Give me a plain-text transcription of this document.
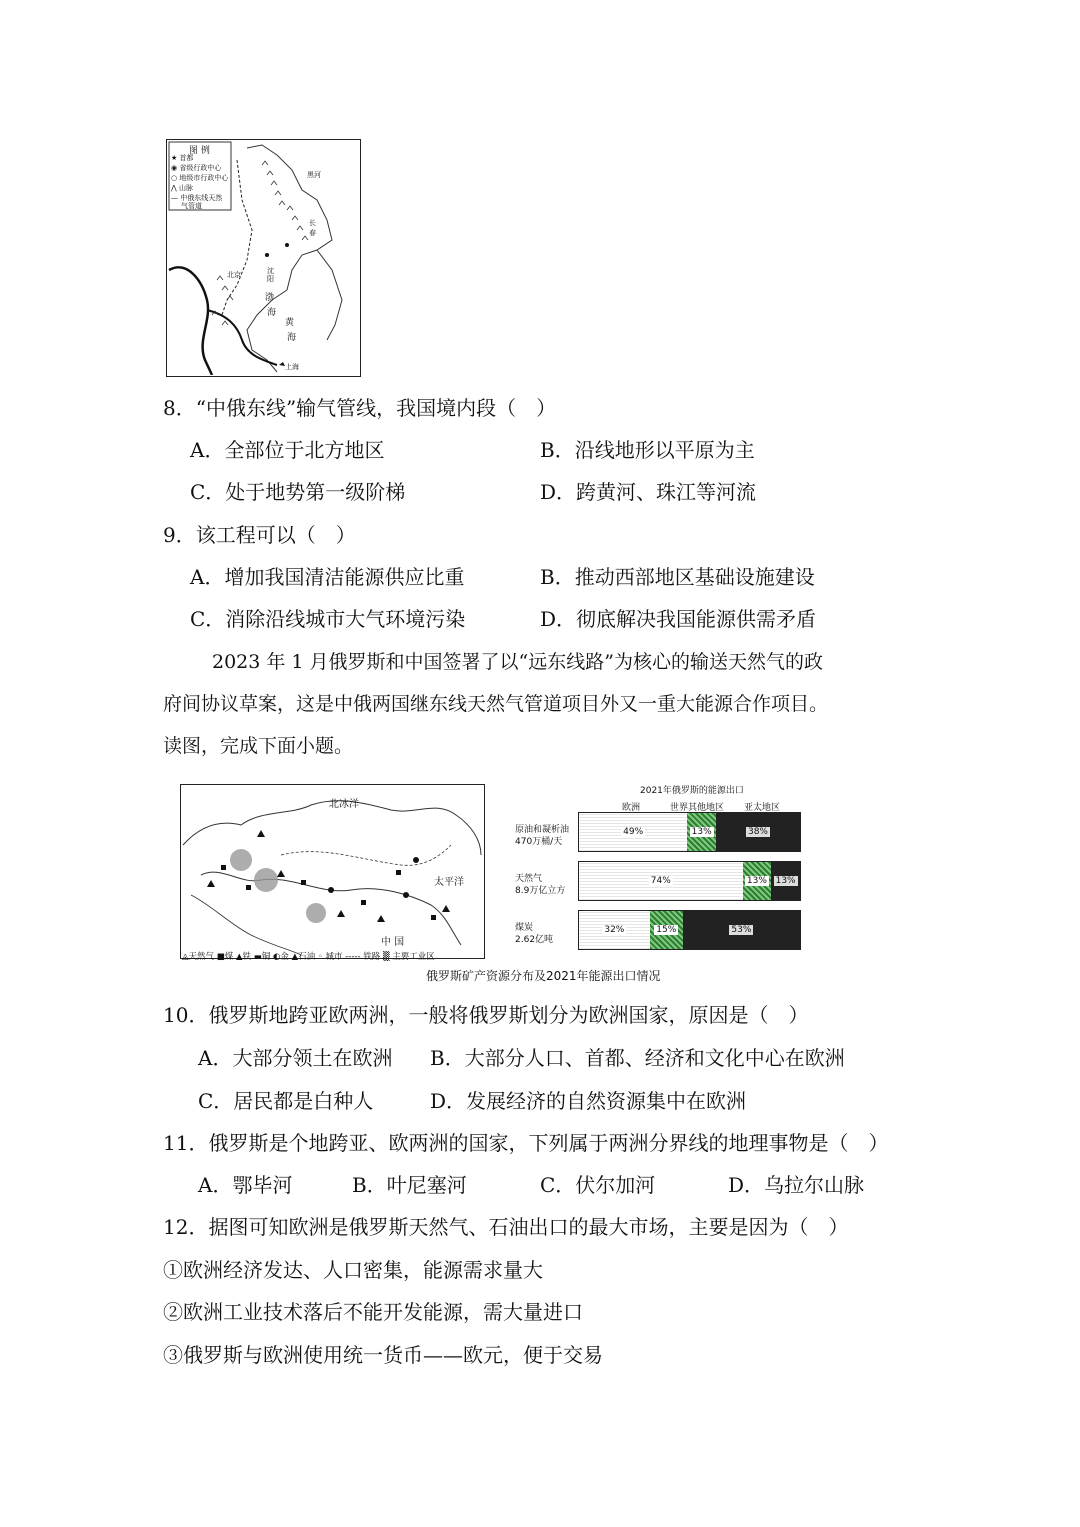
图 例
★ 首都
◉ 省级行政中心
○ 地级市行政中心
⋀ 山脉
— 中俄东线天然
气管道
渤
海
黄
海
上海
黑河
长
春
沈
阳
北京
8．“中俄东线”输气管线，我国境内段（　）
A．全部位于北方地区	B．沿线地形以平原为主
C．处于地势第一级阶梯	D．跨黄河、珠江等河流
9．该工程可以（　）
A．增加我国清洁能源供应比重	B．推动西部地区基础设施建设
C．消除沿线城市大气环境污染	D．彻底解决我国能源供需矛盾
2023 年 1 月俄罗斯和中国签署了以“远东线路”为核心的输送天然气的政
府间协议草案，这是中俄两国继东线天然气管道项目外又一重大能源合作项目。
读图，完成下面小题。
北冰洋
太平洋
中 国
◬天然气 ■煤 ▲铁 ▬铜 ◐金 ▲石油 ◦ 城市 ----- 铁路 ▒ 主要工业区
2021年俄罗斯的能源出口
欧洲	世界其他地区 亚太地区
原油和凝析油
470万桶/天
49%	13%	38%
天然气
8.9万亿立方
74%	13% 13%
煤炭
2.62亿吨
32%	15%	53%
俄罗斯矿产资源分布及2021年能源出口情况
10．俄罗斯地跨亚欧两洲，一般将俄罗斯划分为欧洲国家，原因是（　）
A．大部分领土在欧洲 B．大部分人口、首都、经济和文化中心在欧洲
C．居民都是白种人	D．发展经济的自然资源集中在欧洲
11．俄罗斯是个地跨亚、欧两洲的国家，下列属于两洲分界线的地理事物是（　）
A．鄂毕河	B．叶尼塞河	C．伏尔加河	D．乌拉尔山脉
12．据图可知欧洲是俄罗斯天然气、石油出口的最大市场，主要是因为（　）
①欧洲经济发达、人口密集，能源需求量大
②欧洲工业技术落后不能开发能源，需大量进口
③俄罗斯与欧洲使用统一货币——欧元，便于交易
